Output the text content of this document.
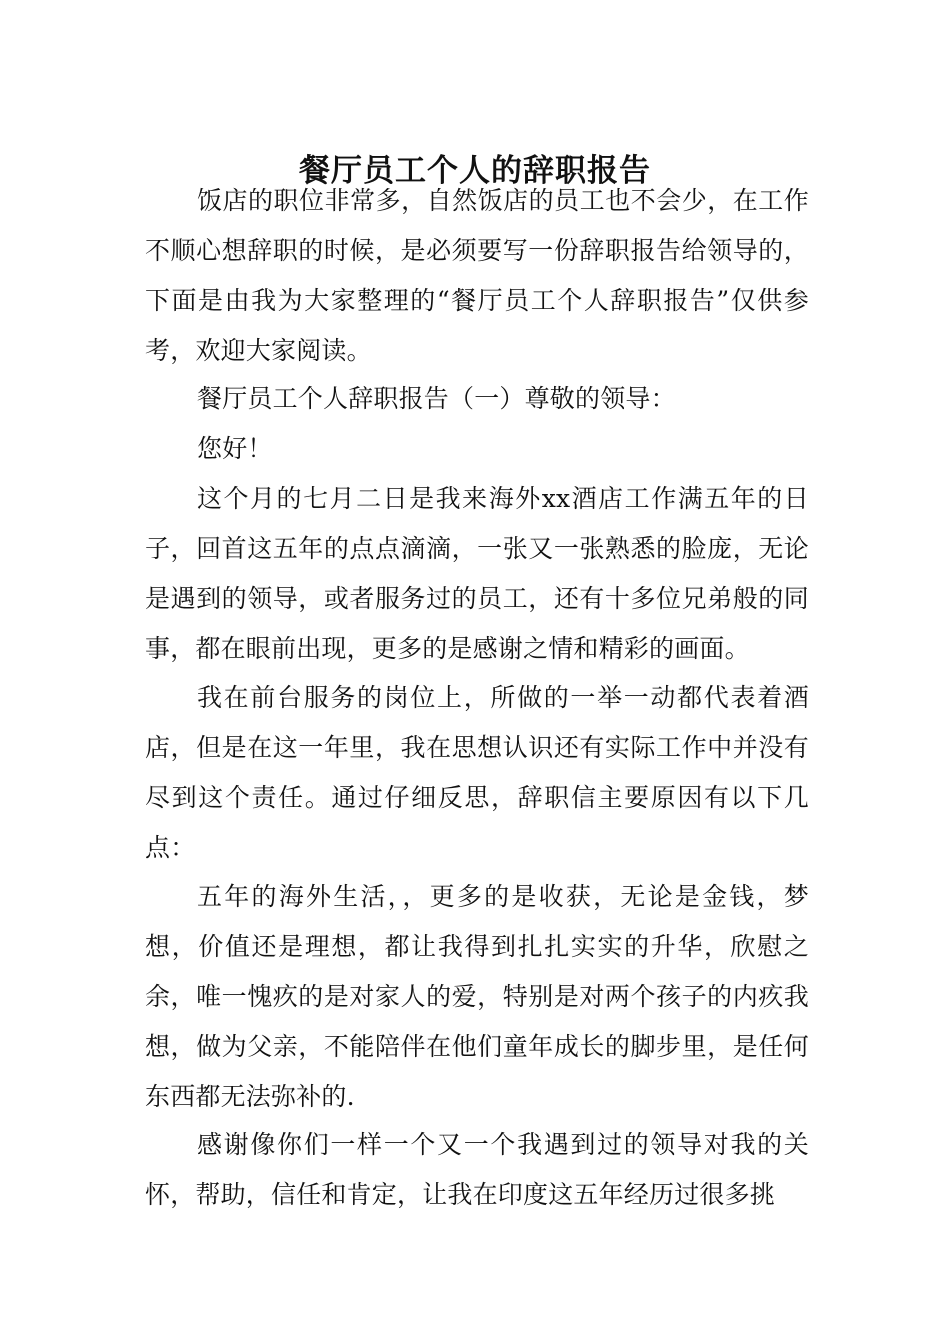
餐厅员工个人的辞职报告

饭店的职位非常多，自然饭店的员工也不会少，在工作不顺心想辞职的时候，是必须要写一份辞职报告给领导的，下面是由我为大家整理的“餐厅员工个人辞职报告”仅供参考，欢迎大家阅读。

餐厅员工个人辞职报告（一）尊敬的领导：

您好！

这个月的七月二日是我来海外xx酒店工作满五年的日子，回首这五年的点点滴滴，一张又一张熟悉的脸庞，无论是遇到的领导，或者服务过的员工，还有十多位兄弟般的同事，都在眼前出现，更多的是感谢之情和精彩的画面。

我在前台服务的岗位上，所做的一举一动都代表着酒店，但是在这一年里，我在思想认识还有实际工作中并没有尽到这个责任。通过仔细反思，辞职信主要原因有以下几点：

五年的海外生活，，更多的是收获，无论是金钱，梦想，价值还是理想，都让我得到扎扎实实的升华，欣慰之余，唯一愧疚的是对家人的爱，特别是对两个孩子的内疚我想，做为父亲，不能陪伴在他们童年成长的脚步里，是任何东西都无法弥补的.

感谢像你们一样一个又一个我遇到过的领导对我的关怀，帮助，信任和肯定，让我在印度这五年经历过很多挑
